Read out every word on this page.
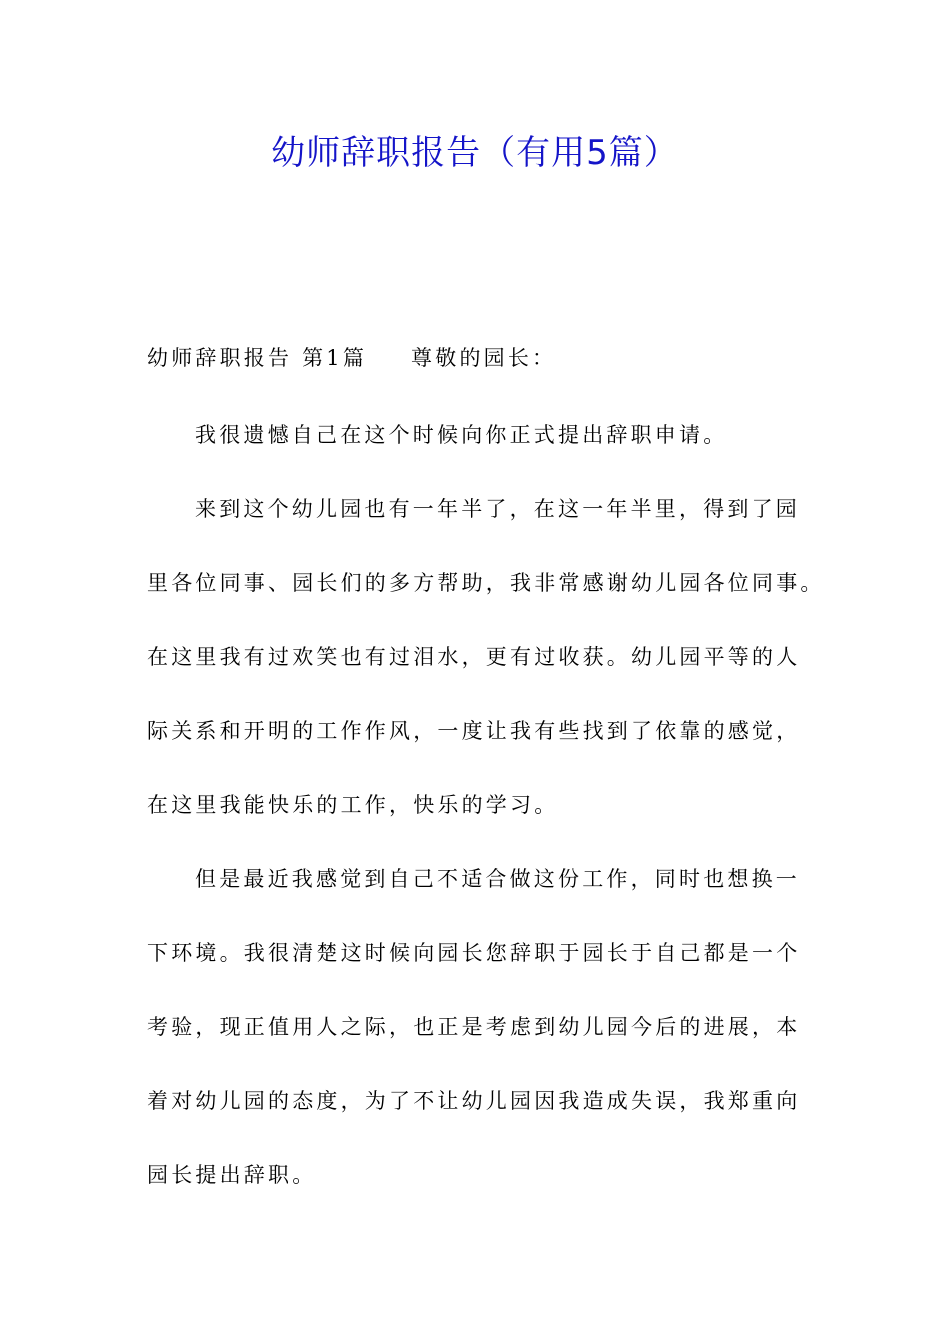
幼师辞职报告（有用5篇）

幼师辞职报告 第1篇 尊敬的园长：

我很遗憾自己在这个时候向你正式提出辞职申请。

来到这个幼儿园也有一年半了，在这一年半里，得到了园

里各位同事、园长们的多方帮助，我非常感谢幼儿园各位同事。

在这里我有过欢笑也有过泪水，更有过收获。幼儿园平等的人

际关系和开明的工作作风，一度让我有些找到了依靠的感觉，

在这里我能快乐的工作，快乐的学习。

但是最近我感觉到自己不适合做这份工作，同时也想换一

下环境。我很清楚这时候向园长您辞职于园长于自己都是一个

考验，现正值用人之际，也正是考虑到幼儿园今后的进展，本

着对幼儿园的态度，为了不让幼儿园因我造成失误，我郑重向

园长提出辞职。
